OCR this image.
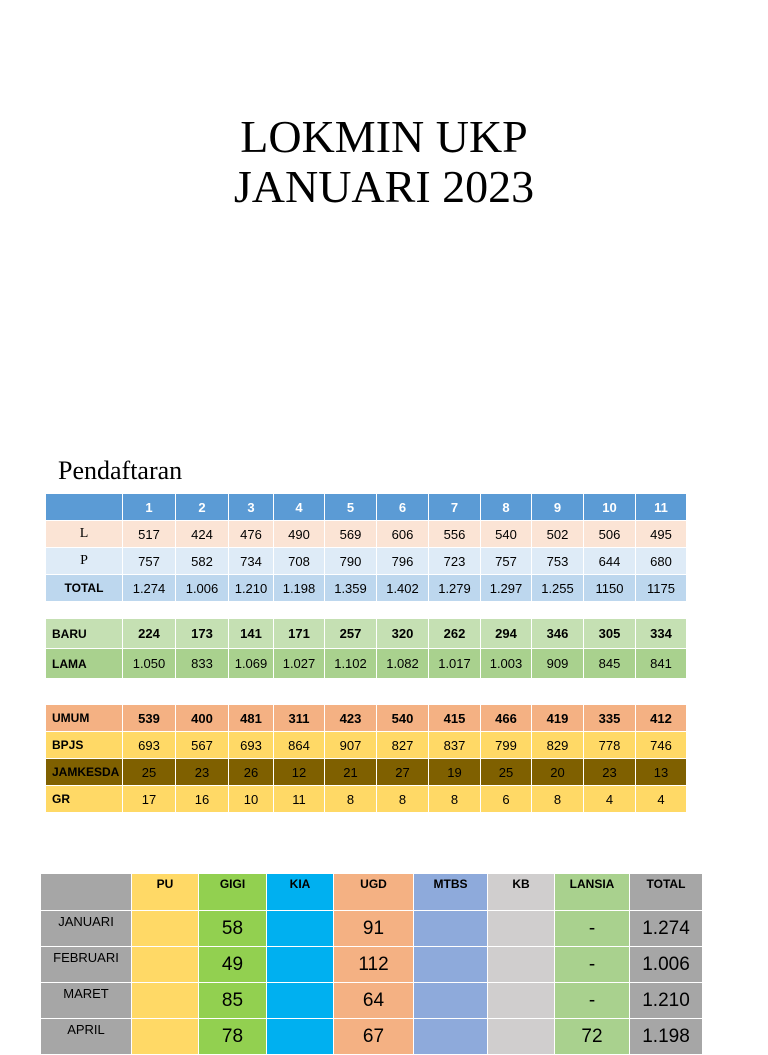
LOKMIN UKP
JANUARI 2023
Pendaftaran
	1	2	3	4	5	6	7	8	9	10	11
L	517	424	476	490	569	606	556	540	502	506	495
P	757	582	734	708	790	796	723	757	753	644	680
TOTAL	1.274	1.006	1.210	1.198	1.359	1.402	1.279	1.297	1.255	1150	1175
BARU	224	173	141	171	257	320	262	294	346	305	334
LAMA	1.050	833	1.069	1.027	1.102	1.082	1.017	1.003	909	845	841
UMUM	539	400	481	311	423	540	415	466	419	335	412
BPJS	693	567	693	864	907	827	837	799	829	778	746
JAMKESDA	25	23	26	12	21	27	19	25	20	23	13
GR	17	16	10	11	8	8	8	6	8	4	4
	PU	GIGI	KIA	UGD	MTBS	KB	LANSIA	TOTAL
JANUARI		58		91			-	1.274
FEBRUARI		49		112			-	1.006
MARET		85		64			-	1.210
APRIL		78		67			72	1.198
